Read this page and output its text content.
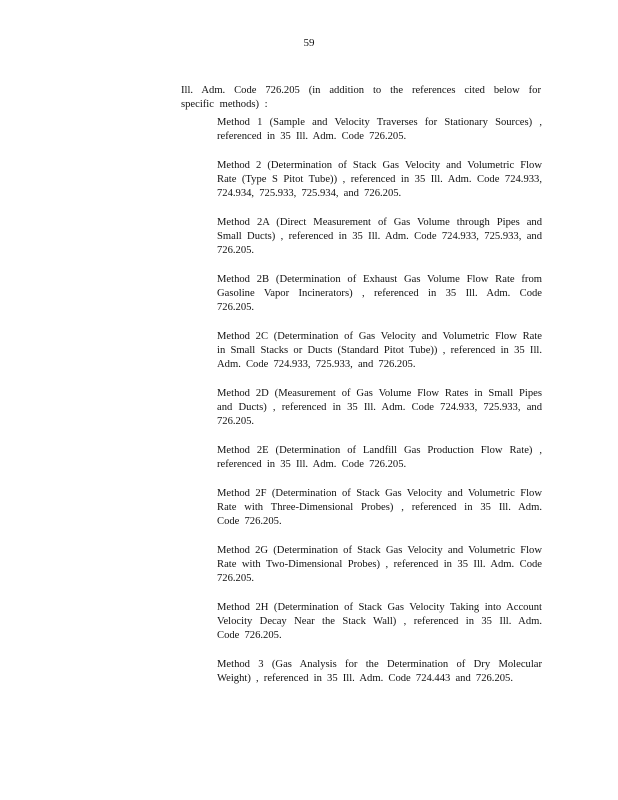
59

Ill. Adm. Code 726.205 (in addition to the references cited below for specific methods) :

Method 1 (Sample and Velocity Traverses for Stationary Sources) , referenced in 35 Ill. Adm. Code 726.205.
Method 2 (Determination of Stack Gas Velocity and Volumetric Flow Rate (Type S Pitot Tube)) , referenced in 35 Ill. Adm. Code 724.933, 724.934, 725.933, 725.934, and 726.205.
Method 2A (Direct Measurement of Gas Volume through Pipes and Small Ducts) , referenced in 35 Ill. Adm. Code 724.933, 725.933, and 726.205.
Method 2B (Determination of Exhaust Gas Volume Flow Rate from Gasoline Vapor Incinerators) , referenced in 35 Ill. Adm. Code 726.205.
Method 2C (Determination of Gas Velocity and Volumetric Flow Rate in Small Stacks or Ducts (Standard Pitot Tube)) , referenced in 35 Ill. Adm. Code 724.933, 725.933, and 726.205.
Method 2D (Measurement of Gas Volume Flow Rates in Small Pipes and Ducts) , referenced in 35 Ill. Adm. Code 724.933, 725.933, and 726.205.
Method 2E (Determination of Landfill Gas Production Flow Rate) , referenced in 35 Ill. Adm. Code 726.205.
Method 2F (Determination of Stack Gas Velocity and Volumetric Flow Rate with Three-Dimensional Probes) , referenced in 35 Ill. Adm. Code 726.205.
Method 2G (Determination of Stack Gas Velocity and Volumetric Flow Rate with Two-Dimensional Probes) , referenced in 35 Ill. Adm. Code 726.205.
Method 2H (Determination of Stack Gas Velocity Taking into Account Velocity Decay Near the Stack Wall) , referenced in 35 Ill. Adm. Code 726.205.
Method 3 (Gas Analysis for the Determination of Dry Molecular Weight) , referenced in 35 Ill. Adm. Code 724.443 and 726.205.
